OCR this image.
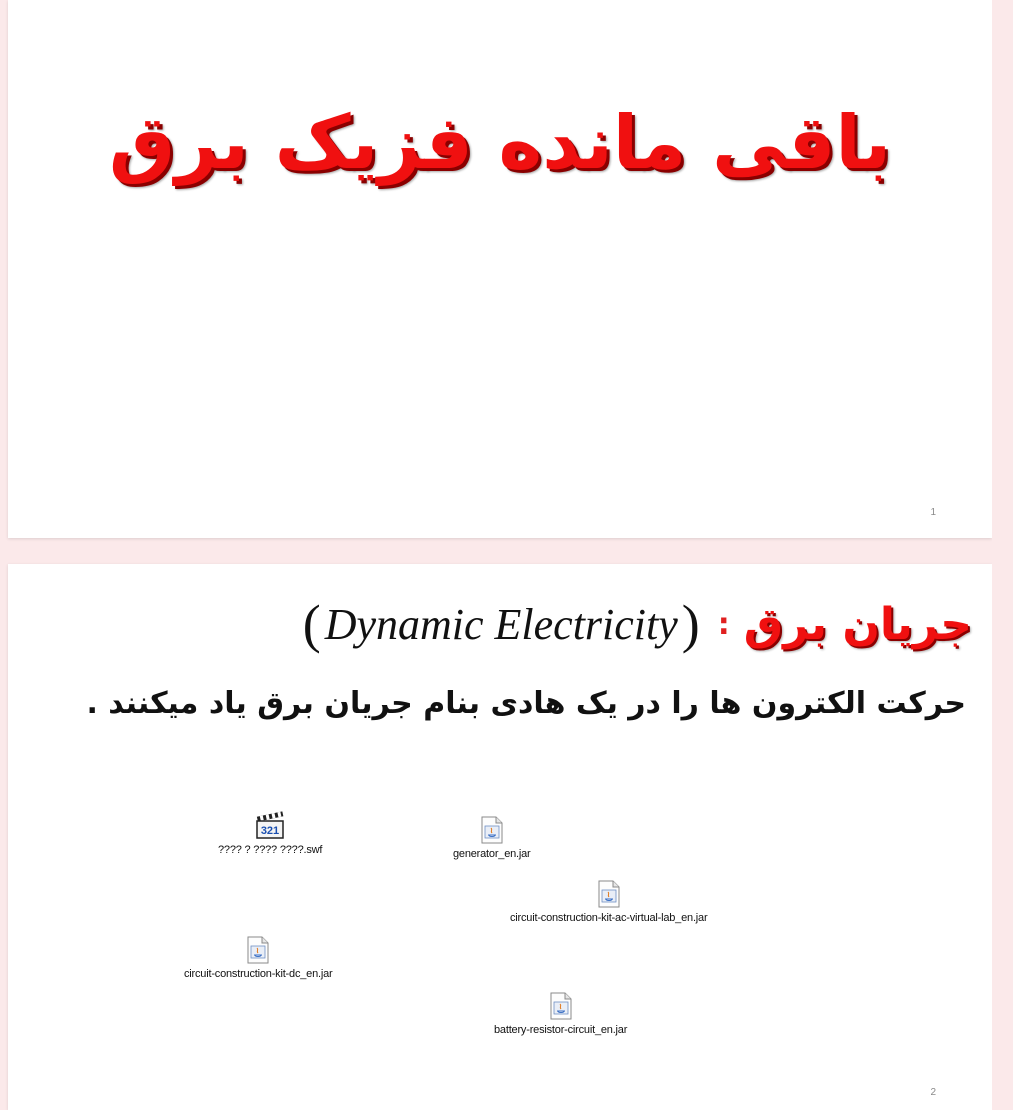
باقی مانده فزیک برق
1
جریان برق
:
( Dynamic Electricity )
حرکت الکترون ها را در یک هادی بنام جریان برق یاد میکنند .
321
???? ? ???? ????.swf	generator_en.jar
circuit-construction-kit-ac-virtual-lab_en.jar
circuit-construction-kit-dc_en.jar
battery-resistor-circuit_en.jar
2
